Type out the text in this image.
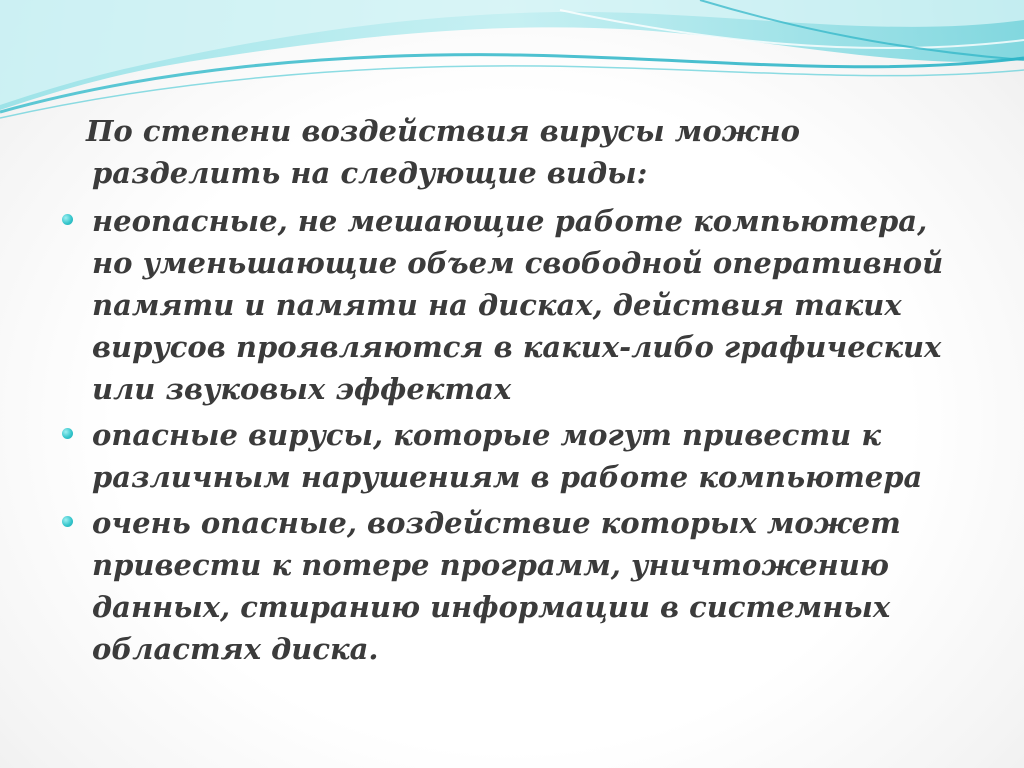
По степени воздействия вирусы можно разделить на следующие виды:

неопасные, не мешающие работе компьютера, но уменьшающие объем свободной оперативной памяти и памяти на дисках, действия таких вирусов проявляются в каких-либо графических или звуковых эффектах
опасные вирусы, которые могут привести к различным нарушениям в работе компьютера
очень опасные, воздействие которых может привести к потере программ, уничтожению данных, стиранию информации в системных областях диска.
